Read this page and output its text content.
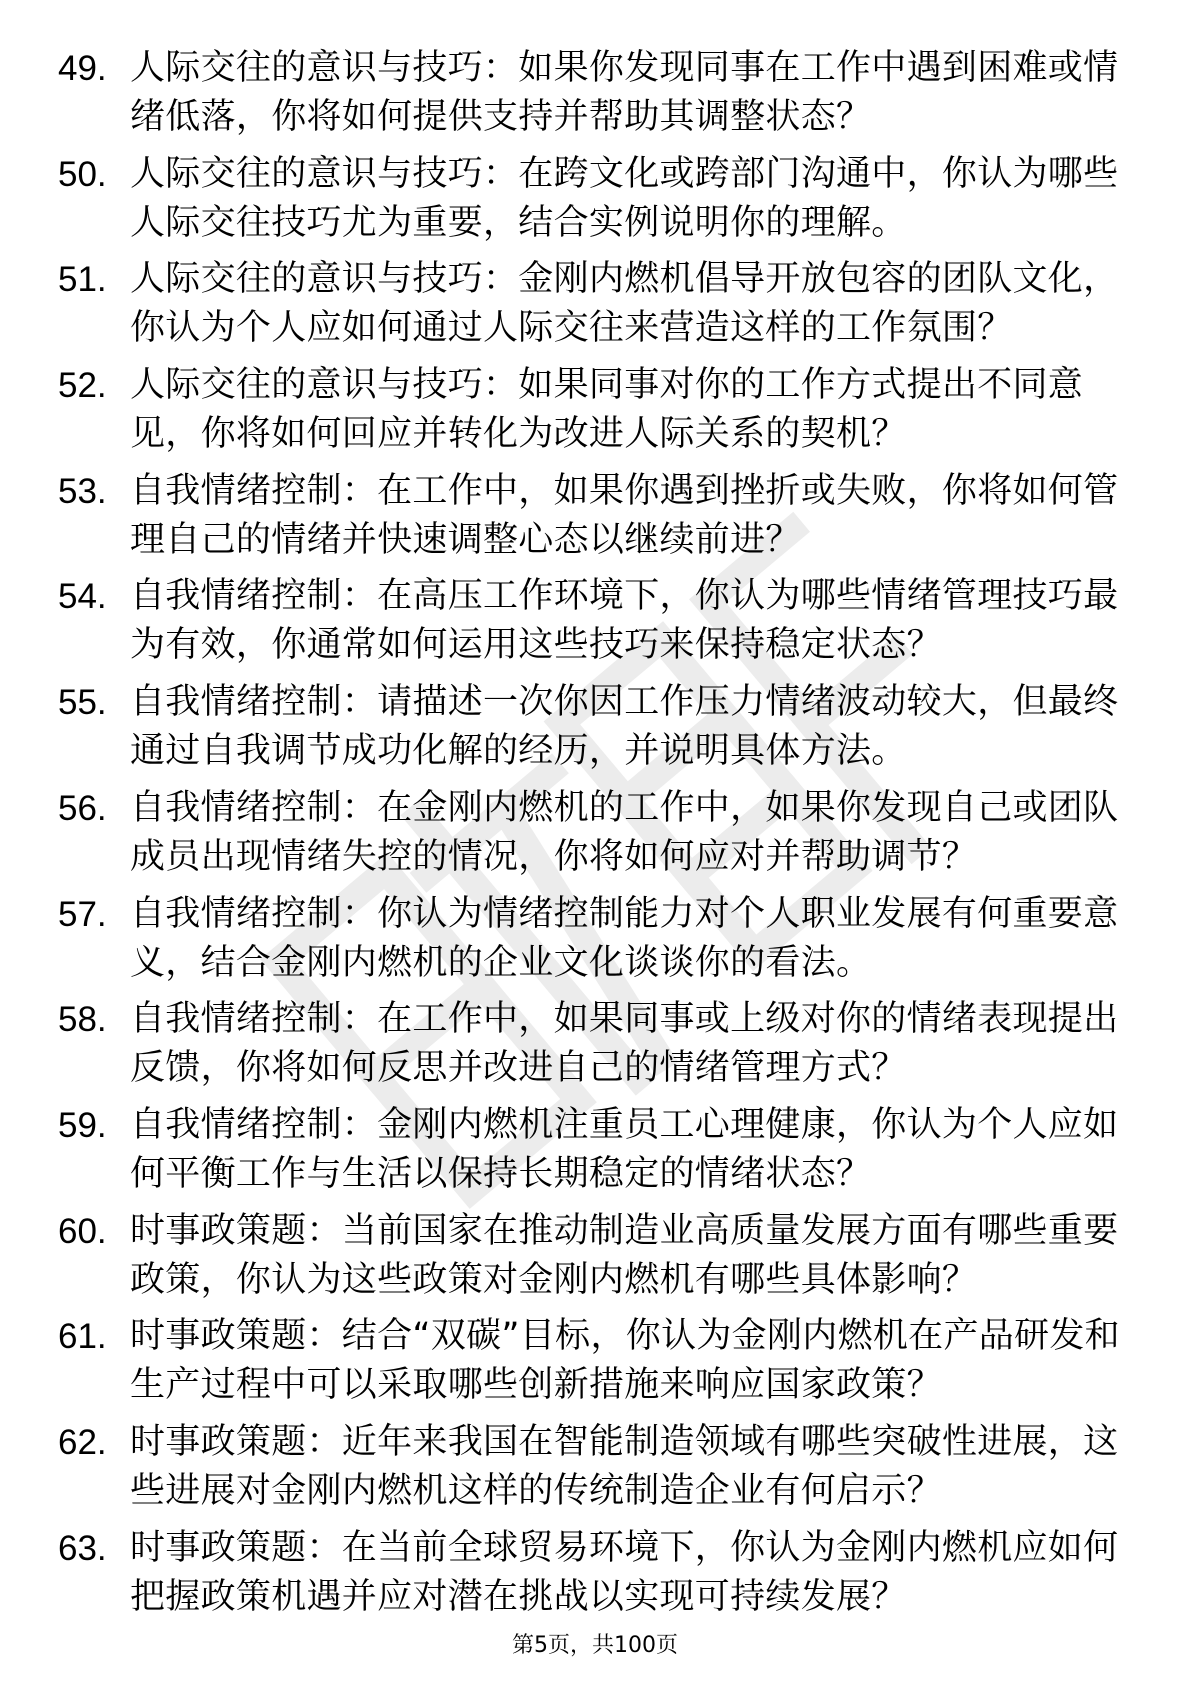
49. 人际交往的意识与技巧：如果你发现同事在工作中遇到困难或情绪低落，你将如何提供支持并帮助其调整状态？
50. 人际交往的意识与技巧：在跨文化或跨部门沟通中，你认为哪些人际交往技巧尤为重要，结合实例说明你的理解。
51. 人际交往的意识与技巧：金刚内燃机倡导开放包容的团队文化，你认为个人应如何通过人际交往来营造这样的工作氛围？
52. 人际交往的意识与技巧：如果同事对你的工作方式提出不同意见，你将如何回应并转化为改进人际关系的契机？
53. 自我情绪控制：在工作中，如果你遇到挫折或失败，你将如何管理自己的情绪并快速调整心态以继续前进？
54. 自我情绪控制：在高压工作环境下，你认为哪些情绪管理技巧最为有效，你通常如何运用这些技巧来保持稳定状态？
55. 自我情绪控制：请描述一次你因工作压力情绪波动较大，但最终通过自我调节成功化解的经历，并说明具体方法。
56. 自我情绪控制：在金刚内燃机的工作中，如果你发现自己或团队成员出现情绪失控的情况，你将如何应对并帮助调节？
57. 自我情绪控制：你认为情绪控制能力对个人职业发展有何重要意义，结合金刚内燃机的企业文化谈谈你的看法。
58. 自我情绪控制：在工作中，如果同事或上级对你的情绪表现提出反馈，你将如何反思并改进自己的情绪管理方式？
59. 自我情绪控制：金刚内燃机注重员工心理健康，你认为个人应如何平衡工作与生活以保持长期稳定的情绪状态？
60. 时事政策题：当前国家在推动制造业高质量发展方面有哪些重要政策，你认为这些政策对金刚内燃机有哪些具体影响？
61. 时事政策题：结合“双碳”目标，你认为金刚内燃机在产品研发和生产过程中可以采取哪些创新措施来响应国家政策？
62. 时事政策题：近年来我国在智能制造领域有哪些突破性进展，这些进展对金刚内燃机这样的传统制造企业有何启示？
63. 时事政策题：在当前全球贸易环境下，你认为金刚内燃机应如何把握政策机遇并应对潜在挑战以实现可持续发展？
第5页，共100页
